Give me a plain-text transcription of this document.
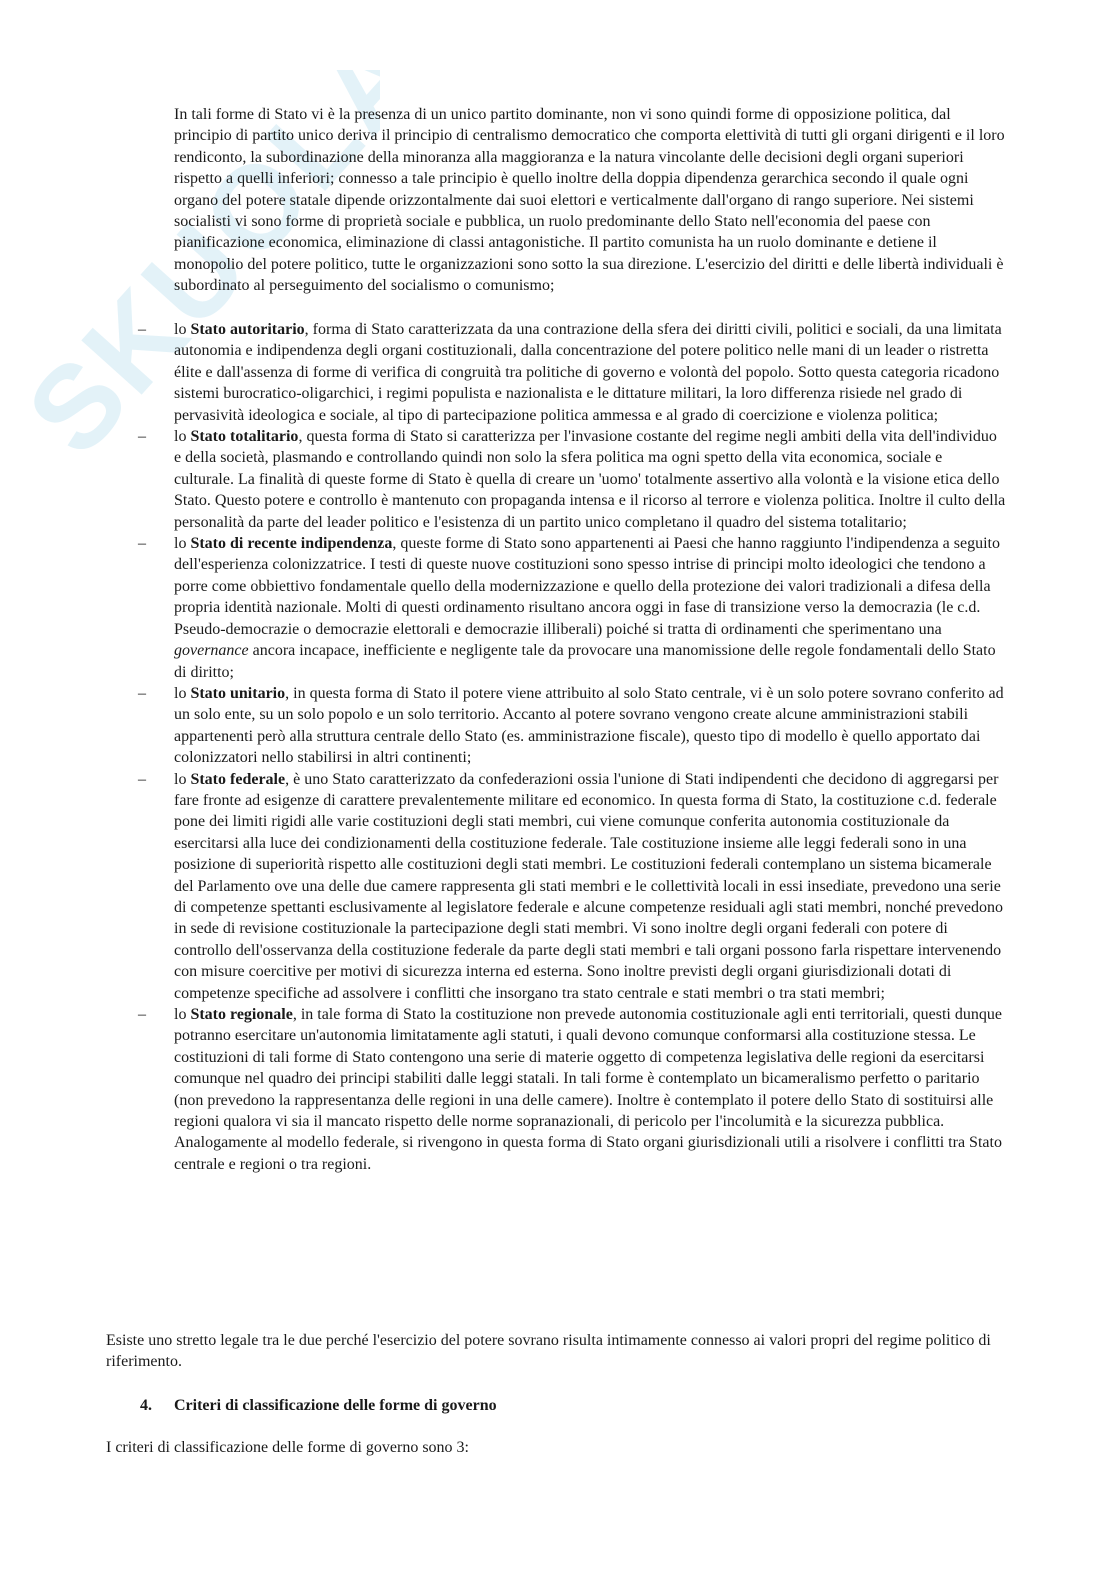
SKUOLA

In tali forme di Stato vi è la presenza di un unico partito dominante, non vi sono quindi forme di opposizione politica, dal principio di partito unico deriva il principio di centralismo democratico che comporta elettività di tutti gli organi dirigenti e il loro rendiconto, la subordinazione della minoranza alla maggioranza e la natura vincolante delle decisioni degli organi superiori rispetto a quelli inferiori; connesso a tale principio è quello inoltre della doppia dipendenza gerarchica secondo il quale ogni organo del potere statale dipende orizzontalmente dai suoi elettori e verticalmente dall'organo di rango superiore. Nei sistemi socialisti vi sono forme di proprietà sociale e pubblica, un ruolo predominante dello Stato nell'economia del paese con pianificazione economica, eliminazione di classi antagonistiche. Il partito comunista ha un ruolo dominante e detiene il monopolio del potere politico, tutte le organizzazioni sono sotto la sua direzione. L'esercizio del diritti e delle libertà individuali è subordinato al perseguimento del socialismo o comunismo;

– lo Stato autoritario, forma di Stato caratterizzata da una contrazione della sfera dei diritti civili, politici e sociali, da una limitata autonomia e indipendenza degli organi costituzionali, dalla concentrazione del potere politico nelle mani di un leader o ristretta élite e dall'assenza di forme di verifica di congruità tra politiche di governo e volontà del popolo. Sotto questa categoria ricadono sistemi burocratico-oligarchici, i regimi populista e nazionalista e le dittature militari, la loro differenza risiede nel grado di pervasività ideologica e sociale, al tipo di partecipazione politica ammessa e al grado di coercizione e violenza politica;

– lo Stato totalitario, questa forma di Stato si caratterizza per l'invasione costante del regime negli ambiti della vita dell'individuo e della società, plasmando e controllando quindi non solo la sfera politica ma ogni spetto della vita economica, sociale e culturale. La finalità di queste forme di Stato è quella di creare un 'uomo' totalmente assertivo alla volontà e la visione etica dello Stato. Questo potere e controllo è mantenuto con propaganda intensa e il ricorso al terrore e violenza politica. Inoltre il culto della personalità da parte del leader politico e l'esistenza di un partito unico completano il quadro del sistema totalitario;

– lo Stato di recente indipendenza, queste forme di Stato sono appartenenti ai Paesi che hanno raggiunto l'indipendenza a seguito dell'esperienza colonizzatrice. I testi di queste nuove costituzioni sono spesso intrise di principi molto ideologici che tendono a porre come obbiettivo fondamentale quello della modernizzazione e quello della protezione dei valori tradizionali a difesa della propria identità nazionale. Molti di questi ordinamento risultano ancora oggi in fase di transizione verso la democrazia (le c.d. Pseudo-democrazie o democrazie elettorali e democrazie illiberali) poiché si tratta di ordinamenti che sperimentano una governance ancora incapace, inefficiente e negligente tale da provocare una manomissione delle regole fondamentali dello Stato di diritto;

– lo Stato unitario, in questa forma di Stato il potere viene attribuito al solo Stato centrale, vi è un solo potere sovrano conferito ad un solo ente, su un solo popolo e un solo territorio. Accanto al potere sovrano vengono create alcune amministrazioni stabili appartenenti però alla struttura centrale dello Stato (es. amministrazione fiscale), questo tipo di modello è quello apportato dai colonizzatori nello stabilirsi in altri continenti;

– lo Stato federale, è uno Stato caratterizzato da confederazioni ossia l'unione di Stati indipendenti che decidono di aggregarsi per fare fronte ad esigenze di carattere prevalentemente militare ed economico. In questa forma di Stato, la costituzione c.d. federale pone dei limiti rigidi alle varie costituzioni degli stati membri, cui viene comunque conferita autonomia costituzionale da esercitarsi alla luce dei condizionamenti della costituzione federale. Tale costituzione insieme alle leggi federali sono in una posizione di superiorità rispetto alle costituzioni degli stati membri. Le costituzioni federali contemplano un sistema bicamerale del Parlamento ove una delle due camere rappresenta gli stati membri e le collettività locali in essi insediate, prevedono una serie di competenze spettanti esclusivamente al legislatore federale e alcune competenze residuali agli stati membri, nonché prevedono in sede di revisione costituzionale la partecipazione degli stati membri. Vi sono inoltre degli organi federali con potere di controllo dell'osservanza della costituzione federale da parte degli stati membri e tali organi possono farla rispettare intervenendo con misure coercitive per motivi di sicurezza interna ed esterna. Sono inoltre previsti degli organi giurisdizionali dotati di competenze specifiche ad assolvere i conflitti che insorgano tra stato centrale e stati membri o tra stati membri;

– lo Stato regionale, in tale forma di Stato la costituzione non prevede autonomia costituzionale agli enti territoriali, questi dunque potranno esercitare un'autonomia limitatamente agli statuti, i quali devono comunque conformarsi alla costituzione stessa. Le costituzioni di tali forme di Stato contengono una serie di materie oggetto di competenza legislativa delle regioni da esercitarsi comunque nel quadro dei principi stabiliti dalle leggi statali. In tali forme è contemplato un bicameralismo perfetto o paritario (non prevedono la rappresentanza delle regioni in una delle camere). Inoltre è contemplato il potere dello Stato di sostituirsi alle regioni qualora vi sia il mancato rispetto delle norme sopranazionali, di pericolo per l'incolumità e la sicurezza pubblica. Analogamente al modello federale, si rivengono in questa forma di Stato organi giurisdizionali utili a risolvere i conflitti tra Stato centrale e regioni o tra regioni.

Esiste uno stretto legale tra le due perché l'esercizio del potere sovrano risulta intimamente connesso ai valori propri del regime politico di riferimento.

4. Criteri di classificazione delle forme di governo

I criteri di classificazione delle forme di governo sono 3:
